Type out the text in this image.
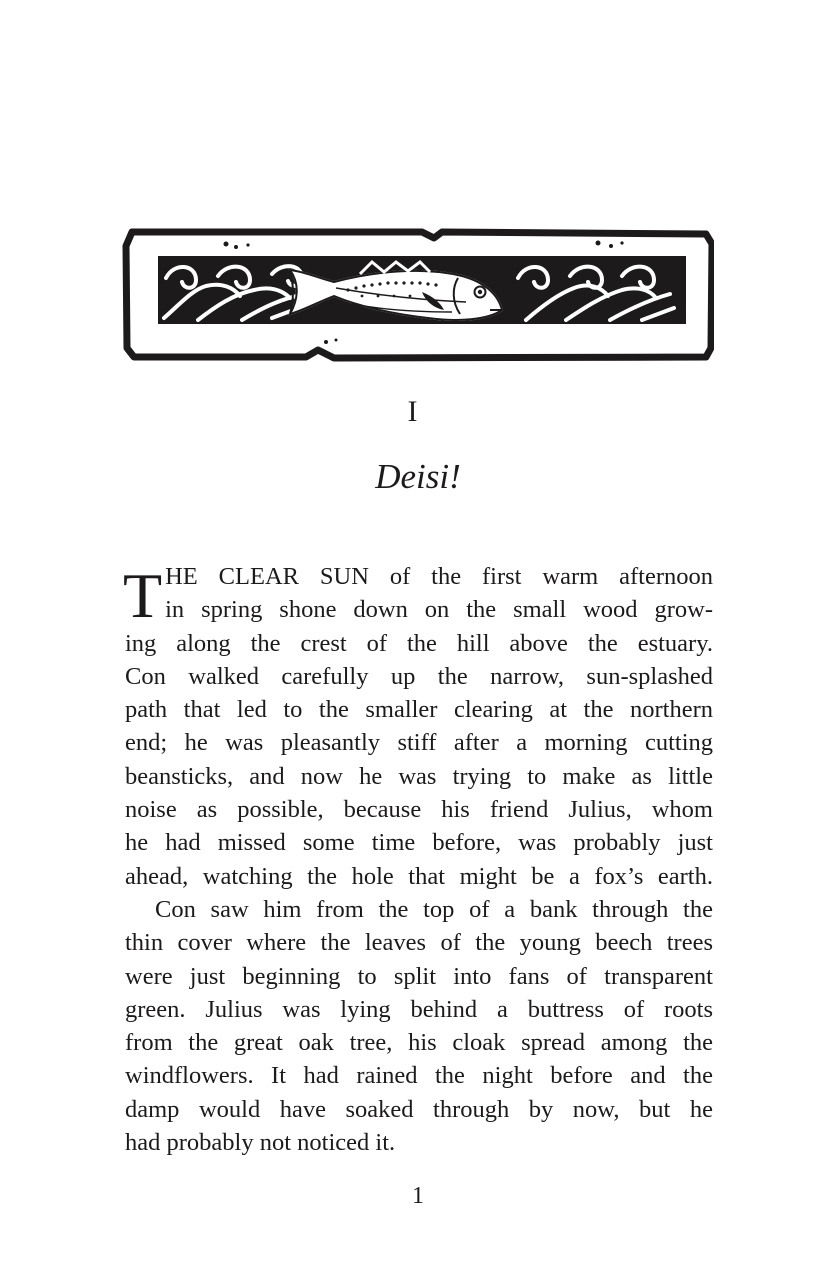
I
Deisi!
T HE CLEAR SUN of the first warm afternoon
in spring shone down on the small wood grow-
ing along the crest of the hill above the estuary.
Con walked carefully up the narrow, sun-splashed
path that led to the smaller clearing at the northern
end; he was pleasantly stiff after a morning cutting
beansticks, and now he was trying to make as little
noise as possible, because his friend Julius, whom
he had missed some time before, was probably just
ahead, watching the hole that might be a fox’s earth.
Con saw him from the top of a bank through the
thin cover where the leaves of the young beech trees
were just beginning to split into fans of transparent
green. Julius was lying behind a buttress of roots
from the great oak tree, his cloak spread among the
windflowers. It had rained the night before and the
damp would have soaked through by now, but he
had probably not noticed it.
1
